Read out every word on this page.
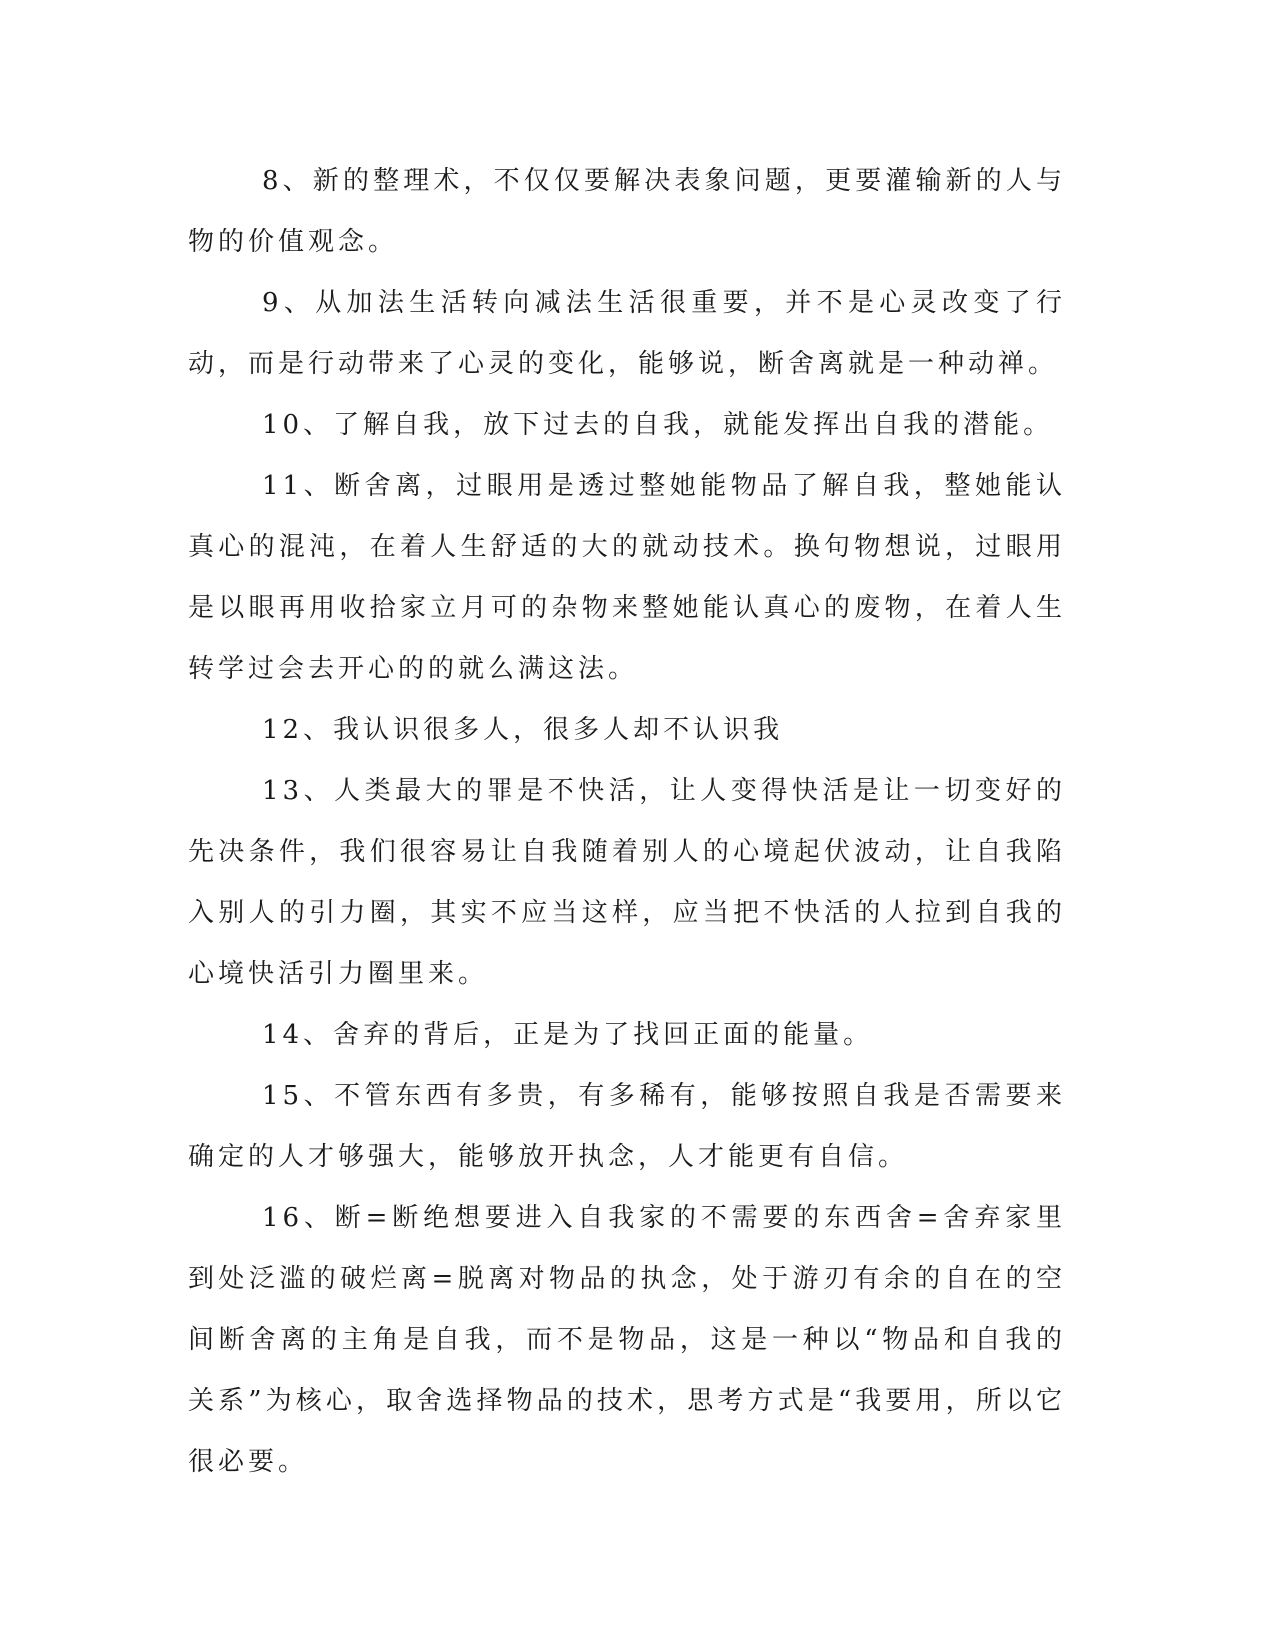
8、新的整理术，不仅仅要解决表象问题，更要灌输新的人与物的价值观念。

9、从加法生活转向减法生活很重要，并不是心灵改变了行动，而是行动带来了心灵的变化，能够说，断舍离就是一种动禅。

10、了解自我，放下过去的自我，就能发挥出自我的潜能。

11、断舍离，过眼用是透过整她能物品了解自我，整她能认真心的混沌，在着人生舒适的大的就动技术。换句物想说，过眼用是以眼再用收拾家立月可的杂物来整她能认真心的废物，在着人生转学过会去开心的的就么满这法。

12、我认识很多人，很多人却不认识我

13、人类最大的罪是不快活，让人变得快活是让一切变好的先决条件，我们很容易让自我随着别人的心境起伏波动，让自我陷入别人的引力圈，其实不应当这样，应当把不快活的人拉到自我的心境快活引力圈里来。

14、舍弃的背后，正是为了找回正面的能量。

15、不管东西有多贵，有多稀有，能够按照自我是否需要来确定的人才够强大，能够放开执念，人才能更有自信。

16、断=断绝想要进入自我家的不需要的东西舍=舍弃家里到处泛滥的破烂离=脱离对物品的执念，处于游刃有余的自在的空间断舍离的主角是自我，而不是物品，这是一种以“物品和自我的关系”为核心，取舍选择物品的技术，思考方式是“我要用，所以它很必要。
